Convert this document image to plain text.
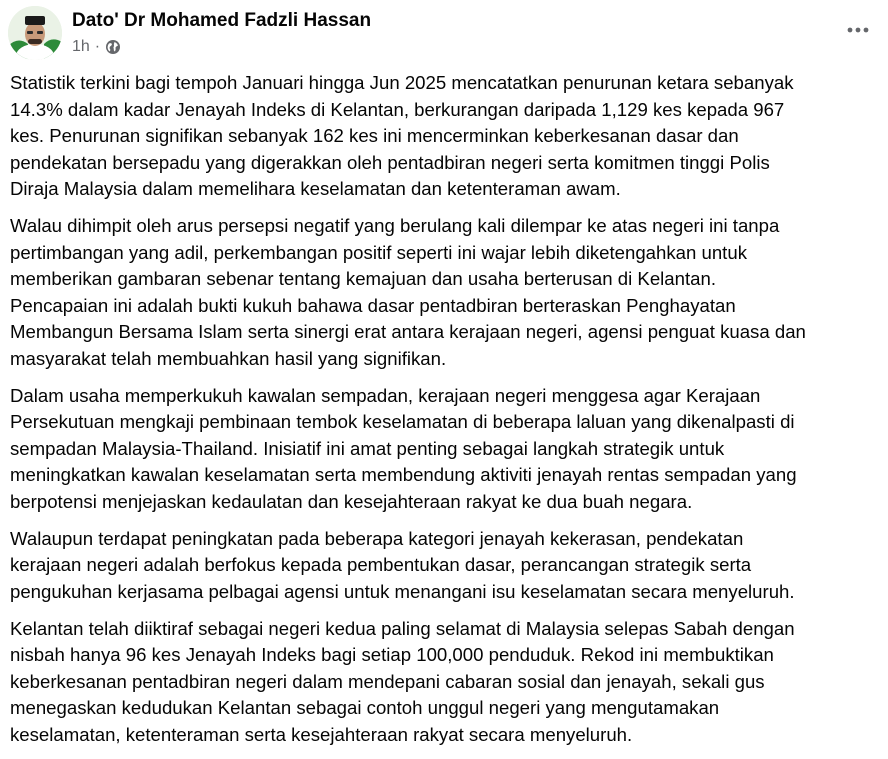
Dato' Dr Mohamed Fadzli Hassan
1h ·

Statistik terkini bagi tempoh Januari hingga Jun 2025 mencatatkan penurunan ketara sebanyak
14.3% dalam kadar Jenayah Indeks di Kelantan, berkurangan daripada 1,129 kes kepada 967
kes. Penurunan signifikan sebanyak 162 kes ini mencerminkan keberkesanan dasar dan
pendekatan bersepadu yang digerakkan oleh pentadbiran negeri serta komitmen tinggi Polis
Diraja Malaysia dalam memelihara keselamatan dan ketenteraman awam.

Walau dihimpit oleh arus persepsi negatif yang berulang kali dilempar ke atas negeri ini tanpa
pertimbangan yang adil, perkembangan positif seperti ini wajar lebih diketengahkan untuk
memberikan gambaran sebenar tentang kemajuan dan usaha berterusan di Kelantan.
Pencapaian ini adalah bukti kukuh bahawa dasar pentadbiran berteraskan Penghayatan
Membangun Bersama Islam serta sinergi erat antara kerajaan negeri, agensi penguat kuasa dan
masyarakat telah membuahkan hasil yang signifikan.

Dalam usaha memperkukuh kawalan sempadan, kerajaan negeri menggesa agar Kerajaan
Persekutuan mengkaji pembinaan tembok keselamatan di beberapa laluan yang dikenalpasti di
sempadan Malaysia-Thailand. Inisiatif ini amat penting sebagai langkah strategik untuk
meningkatkan kawalan keselamatan serta membendung aktiviti jenayah rentas sempadan yang
berpotensi menjejaskan kedaulatan dan kesejahteraan rakyat ke dua buah negara.

Walaupun terdapat peningkatan pada beberapa kategori jenayah kekerasan, pendekatan
kerajaan negeri adalah berfokus kepada pembentukan dasar, perancangan strategik serta
pengukuhan kerjasama pelbagai agensi untuk menangani isu keselamatan secara menyeluruh.

Kelantan telah diiktiraf sebagai negeri kedua paling selamat di Malaysia selepas Sabah dengan
nisbah hanya 96 kes Jenayah Indeks bagi setiap 100,000 penduduk. Rekod ini membuktikan
keberkesanan pentadbiran negeri dalam mendepani cabaran sosial dan jenayah, sekali gus
menegaskan kedudukan Kelantan sebagai contoh unggul negeri yang mengutamakan
keselamatan, ketenteraman serta kesejahteraan rakyat secara menyeluruh.
